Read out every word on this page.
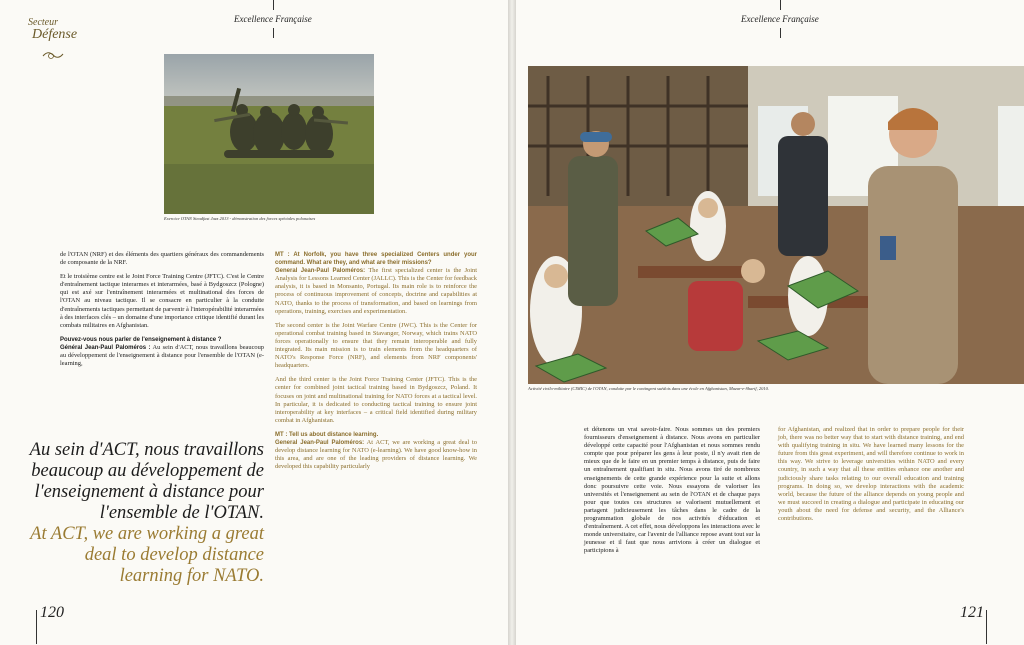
Secteur
Défense
Excellence Française
Exercice OTAN Steadfast Jazz 2013 - démonstration des forces spéciales polonaises

de l'OTAN (NRF) et des éléments des quartiers généraux des commandements de composante de la NRF.

Et le troisième centre est le Joint Force Training Centre (JFTC). C'est le Centre d'entraînement tactique interarmes et interarmées, basé à Bydgoszcz (Pologne) qui est axé sur l'entraînement interarmées et multinational des forces de l'OTAN au niveau tactique. Il se consacre en particulier à la conduite d'entraînements tactiques permettant de parvenir à l'interopérabilité interarmées à des interfaces clés – un domaine d'une importance critique identifié durant les combats militaires en Afghanistan.

Pouvez-vous nous parler de l'enseignement à distance ?
Général Jean-Paul Paloméros : Au sein d'ACT, nous travaillons beaucoup au développement de l'enseignement à distance pour l'ensemble de l'OTAN (e-learning,

MT : At Norfolk, you have three specialized Centers under your command. What are they, and what are their missions?
General Jean-Paul Paloméros: The first specialized center is the Joint Analysis for Lessons Learned Center (JALLC). This is the Center for feedback analysis, it is based in Monsanto, Portugal. Its main role is to reinforce the process of continuous improvement of concepts, doctrine and capabilities at NATO, thanks to the process of transformation, and based on learnings from operations, training, exercises and experimentation.

The second center is the Joint Warfare Centre (JWC). This is the Center for operational combat training based in Stavanger, Norway, which trains NATO forces operationally to ensure that they remain interoperable and fully integrated. Its main mission is to train elements from the headquarters of NATO's Response Force (NRF), and elements from NRF components' headquarters.

And the third center is the Joint Force Training Center (JFTC). This is the center for combined joint tactical training based in Bydgoszcz, Poland. It focuses on joint and multinational training for NATO forces at a tactical level. In particular, it is dedicated to conducting tactical training to ensure joint interoperability at key interfaces – a critical field identified during military combat in Afghanistan.

MT : Tell us about distance learning.
General Jean-Paul Paloméros: At ACT, we are working a great deal to develop distance learning for NATO (e-learning). We have good know-how in this area, and are one of the leading providers of distance learning. We developed this capability particularly

Au sein d'ACT, nous travaillons beaucoup au développement de l'enseignement à distance pour l'ensemble de l'OTAN.
At ACT, we are working a great deal to develop distance learning for NATO.
120
Excellence Française
Activité civilo-militaire (CIMIC) de l'OTAN, conduite par le contingent suédois dans une école en Afghanistan, Mazar-e-Sharif, 2010.

et détenons un vrai savoir-faire. Nous sommes un des premiers fournisseurs d'enseignement à distance. Nous avons en particulier développé cette capacité pour l'Afghanistan et nous sommes rendu compte que pour préparer les gens à leur poste, il n'y avait rien de mieux que de le faire en un premier temps à distance, puis de faire un entraînement qualifiant in situ. Nous avons tiré de nombreux enseignements de cette grande expérience pour la suite et allons donc poursuivre cette voie. Nous essayons de valoriser les universités et l'enseignement au sein de l'OTAN et de chaque pays pour que toutes ces structures se valorisent mutuellement et partagent judicieusement les tâches dans le cadre de la programmation globale de nos activités d'éducation et d'entraînement. A cet effet, nous développons les interactions avec le monde universitaire, car l'avenir de l'alliance repose avant tout sur la jeunesse et il faut que nous arrivions à créer un dialogue et participions à

for Afghanistan, and realized that in order to prepare people for their job, there was no better way that to start with distance training, and end with qualifying training in situ. We have learned many lessons for the future from this great experiment, and will therefore continue to work in this way. We strive to leverage universities within NATO and every country, in such a way that all these entities enhance one another and judiciously share tasks relating to our overall education and training programs. In doing so, we develop interactions with the academic world, because the future of the alliance depends on young people and we must succeed in creating a dialogue and participate in educating our youth about the need for defense and security, and the Alliance's contributions.

121
